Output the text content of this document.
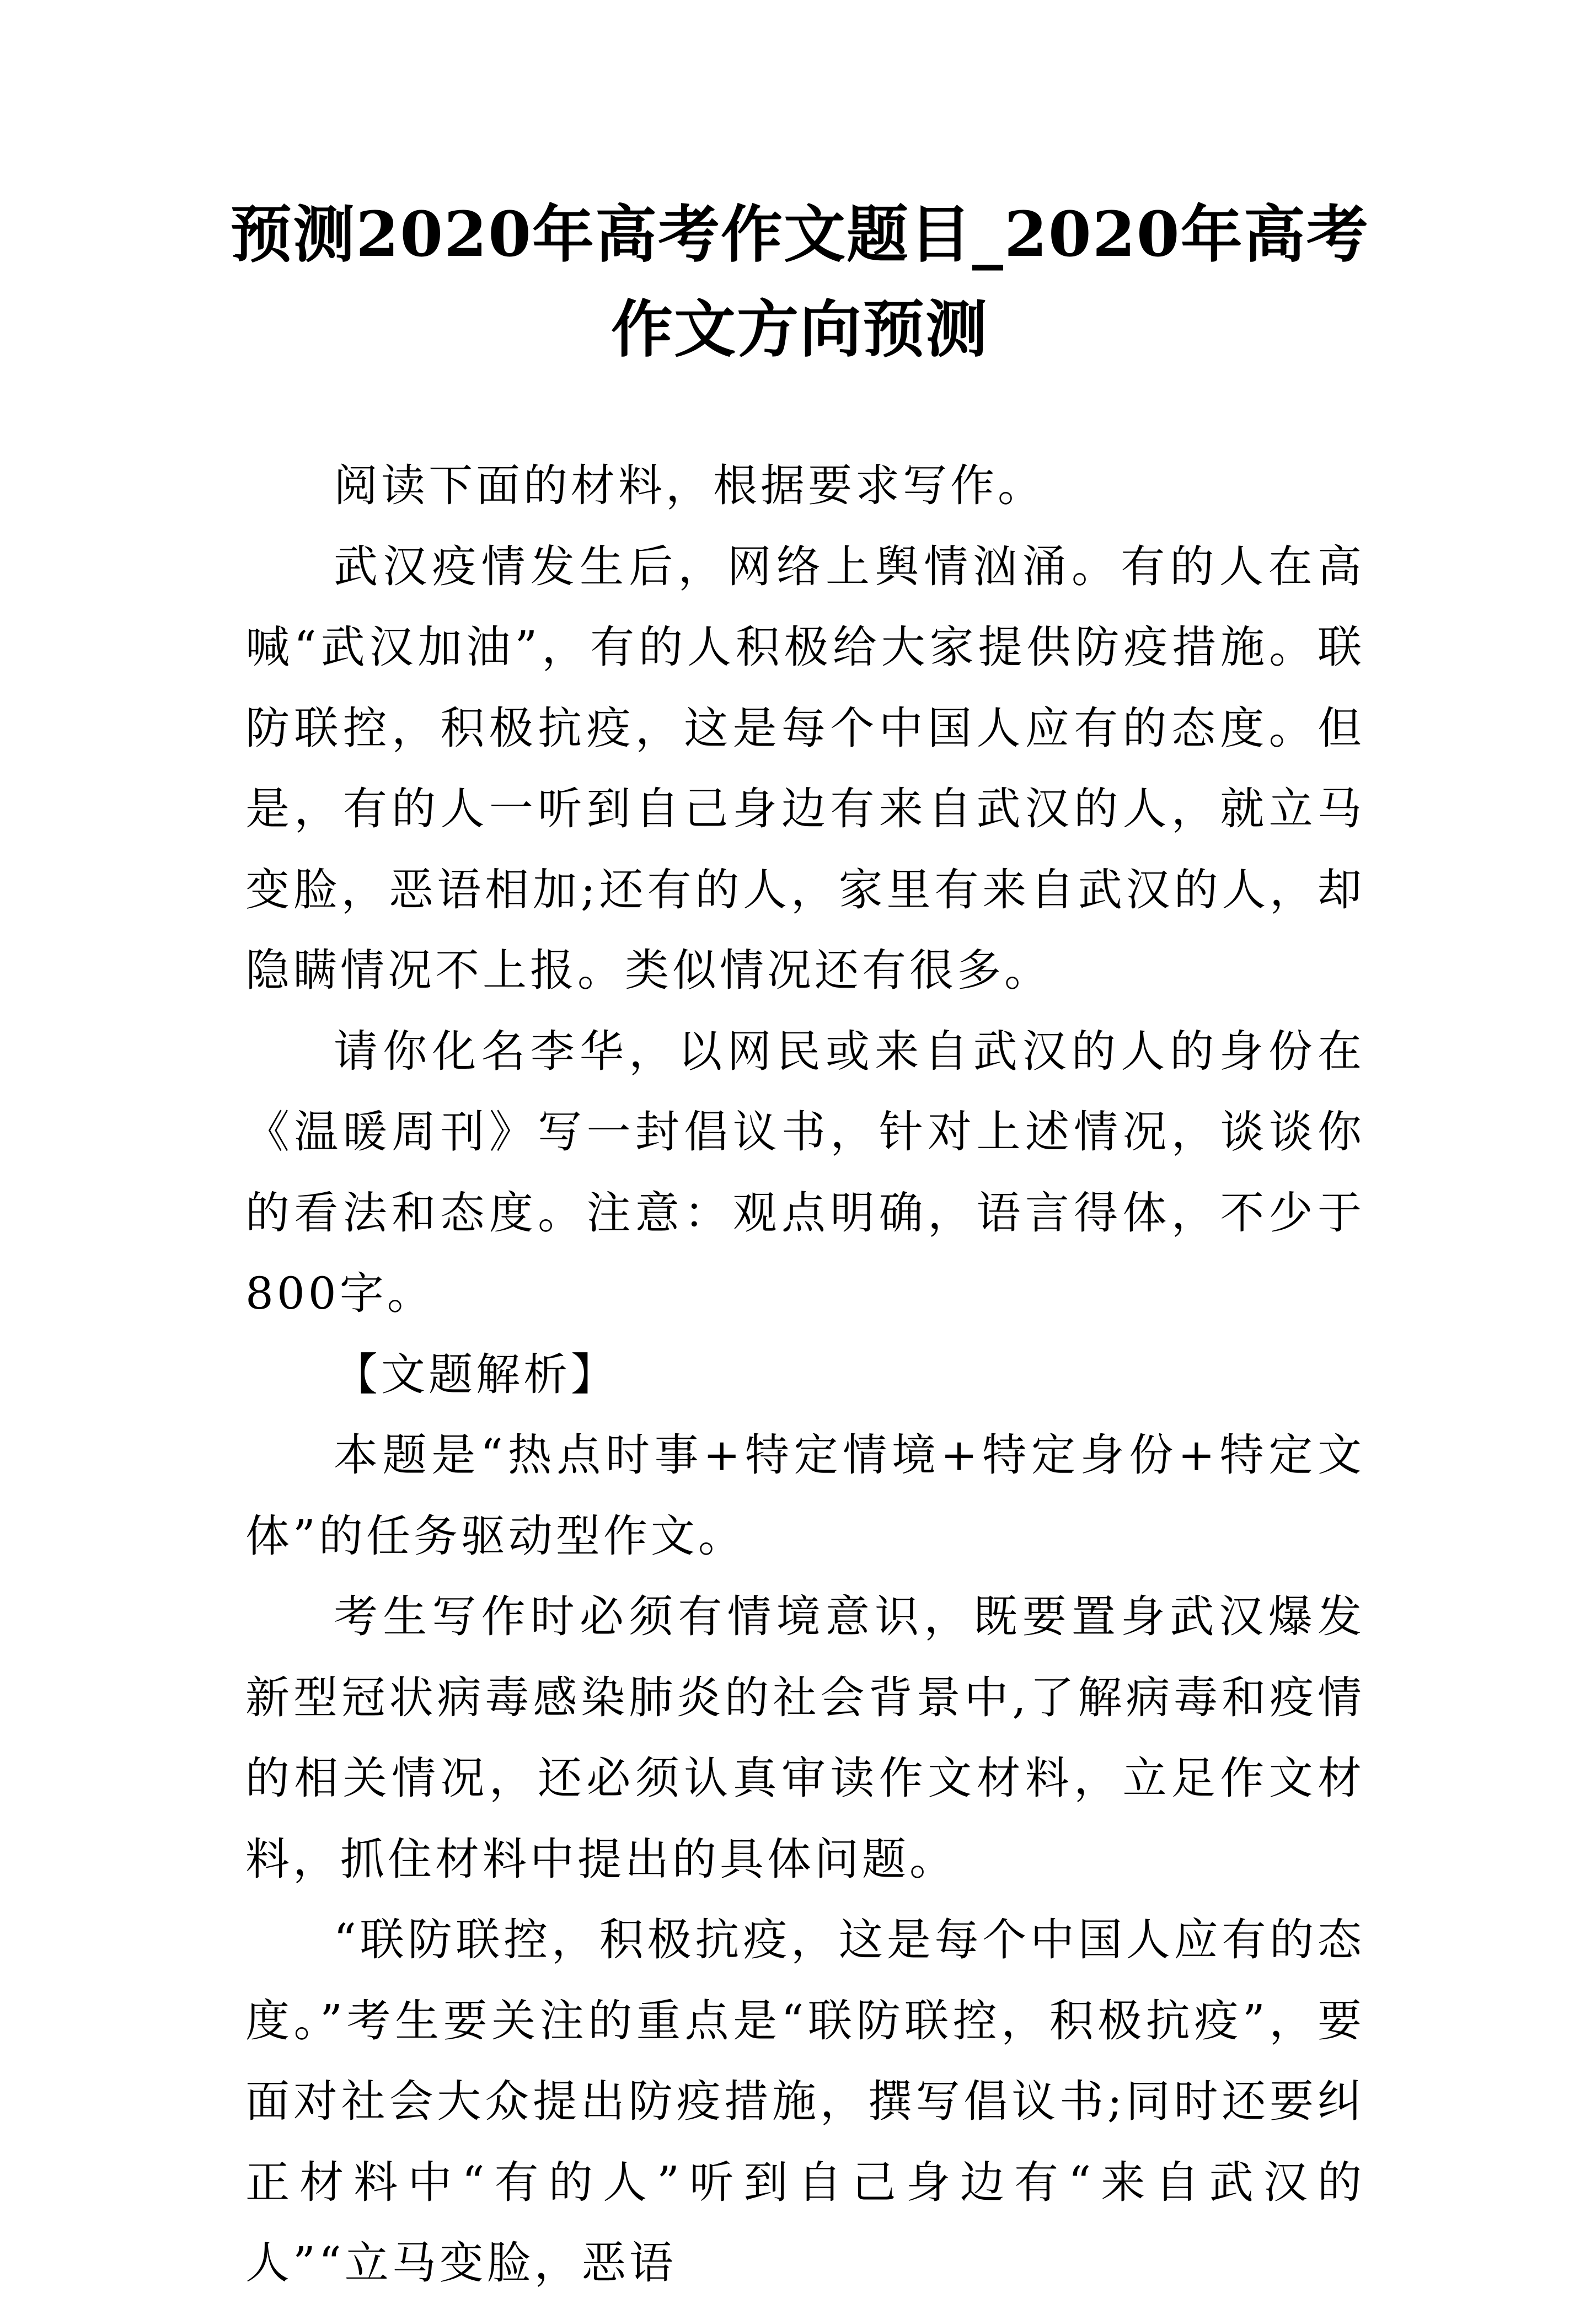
预测2020年高考作文题目_2020年高考作文方向预测

阅读下面的材料，根据要求写作。

武汉疫情发生后，网络上舆情汹涌。有的人在高喊“武汉加油”，有的人积极给大家提供防疫措施。联防联控，积极抗疫，这是每个中国人应有的态度。但是，有的人一听到自己身边有来自武汉的人，就立马变脸，恶语相加;还有的人，家里有来自武汉的人，却隐瞒情况不上报。类似情况还有很多。

请你化名李华，以网民或来自武汉的人的身份在《温暖周刊》写一封倡议书，针对上述情况，谈谈你的看法和态度。注意：观点明确，语言得体，不少于800字。

【文题解析】

本题是“热点时事+特定情境+特定身份+特定文体”的任务驱动型作文。

考生写作时必须有情境意识，既要置身武汉爆发新型冠状病毒感染肺炎的社会背景中,了解病毒和疫情的相关情况，还必须认真审读作文材料，立足作文材料，抓住材料中提出的具体问题。

“联防联控，积极抗疫，这是每个中国人应有的态度。”考生要关注的重点是“联防联控，积极抗疫”，要面对社会大众提出防疫措施，撰写倡议书;同时还要纠正材料中“有的人”听到自己身边有“来自武汉的人”“立马变脸，恶语
